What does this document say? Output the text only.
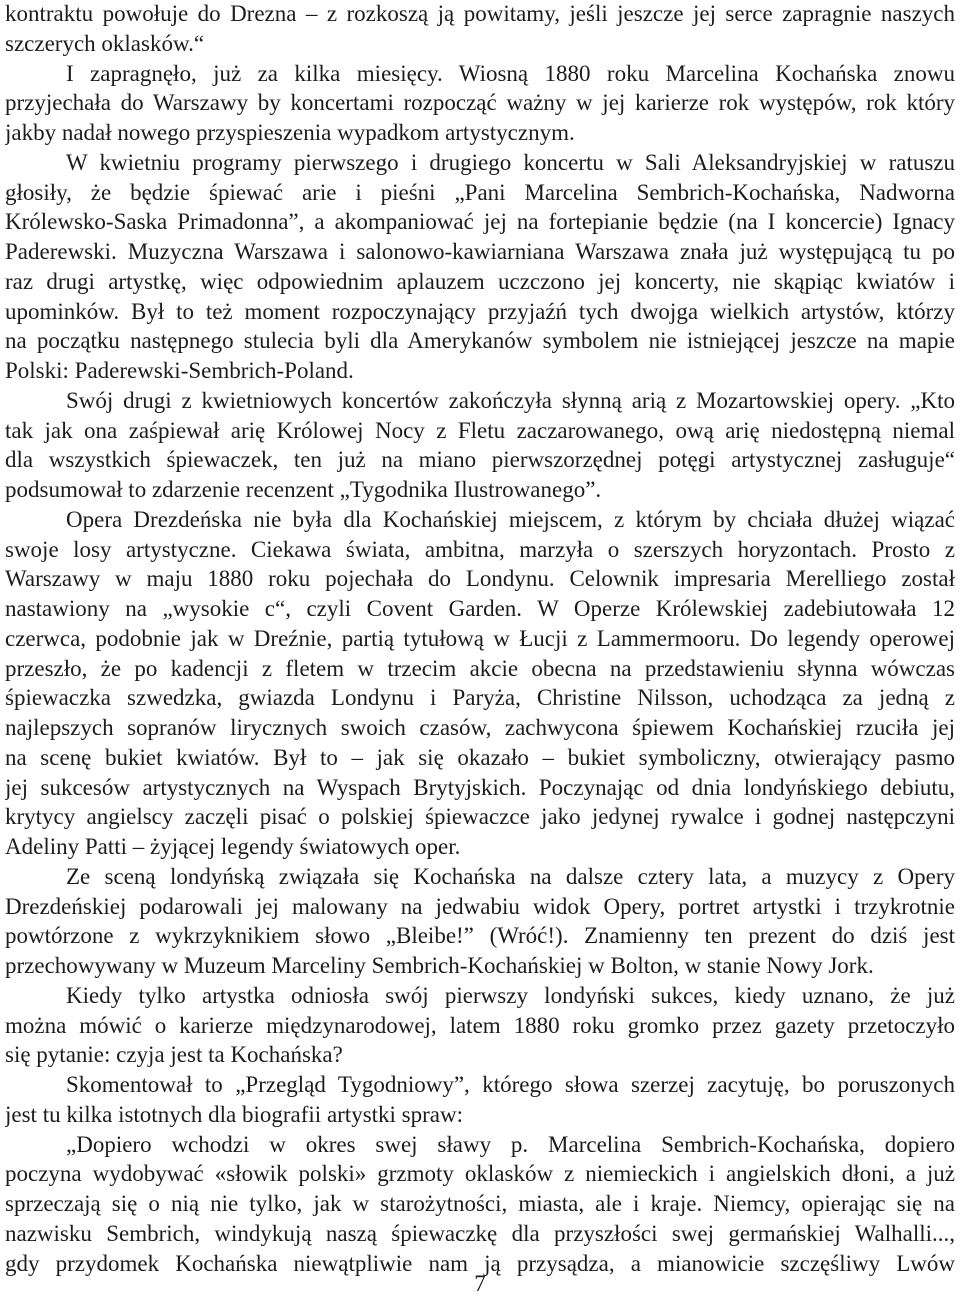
kontraktu powołuje do Drezna – z rozkoszą ją powitamy, jeśli jeszcze jej serce zapragnie naszych
szczerych oklasków.“
I zapragnęło, już za kilka miesięcy. Wiosną 1880 roku Marcelina Kochańska znowu
przyjechała do Warszawy by koncertami rozpocząć ważny w jej karierze rok występów, rok który
jakby nadał nowego przyspieszenia wypadkom artystycznym.
W kwietniu programy pierwszego i drugiego koncertu w Sali Aleksandryjskiej w ratuszu
głosiły, że będzie śpiewać arie i pieśni „Pani Marcelina Sembrich-Kochańska, Nadworna
Królewsko-Saska Primadonna”, a akompaniować jej na fortepianie będzie (na I koncercie) Ignacy
Paderewski. Muzyczna Warszawa i salonowo-kawiarniana Warszawa znała już występującą tu po
raz drugi artystkę, więc odpowiednim aplauzem uczczono jej koncerty, nie skąpiąc kwiatów i
upominków. Był to też moment rozpoczynający przyjaźń tych dwojga wielkich artystów, którzy
na początku następnego stulecia byli dla Amerykanów symbolem nie istniejącej jeszcze na mapie
Polski: Paderewski-Sembrich-Poland.
Swój drugi z kwietniowych koncertów zakończyła słynną arią z Mozartowskiej opery. „Kto
tak jak ona zaśpiewał arię Królowej Nocy z Fletu zaczarowanego, ową arię niedostępną niemal
dla wszystkich śpiewaczek, ten już na miano pierwszorzędnej potęgi artystycznej zasługuje“
podsumował to zdarzenie recenzent „Tygodnika Ilustrowanego”.
Opera Drezdeńska nie była dla Kochańskiej miejscem, z którym by chciała dłużej wiązać
swoje losy artystyczne. Ciekawa świata, ambitna, marzyła o szerszych horyzontach. Prosto z
Warszawy w maju 1880 roku pojechała do Londynu. Celownik impresaria Merelliego został
nastawiony na „wysokie c“, czyli Covent Garden. W Operze Królewskiej zadebiutowała 12
czerwca, podobnie jak w Dreźnie, partią tytułową w Łucji z Lammermooru. Do legendy operowej
przeszło, że po kadencji z fletem w trzecim akcie obecna na przedstawieniu słynna wówczas
śpiewaczka szwedzka, gwiazda Londynu i Paryża, Christine Nilsson, uchodząca za jedną z
najlepszych sopranów lirycznych swoich czasów, zachwycona śpiewem Kochańskiej rzuciła jej
na scenę bukiet kwiatów. Był to – jak się okazało – bukiet symboliczny, otwierający pasmo
jej sukcesów artystycznych na Wyspach Brytyjskich. Poczynając od dnia londyńskiego debiutu,
krytycy angielscy zaczęli pisać o polskiej śpiewaczce jako jedynej rywalce i godnej następczyni
Adeliny Patti – żyjącej legendy światowych oper.
Ze sceną londyńską związała się Kochańska na dalsze cztery lata, a muzycy z Opery
Drezdeńskiej podarowali jej malowany na jedwabiu widok Opery, portret artystki i trzykrotnie
powtórzone z wykrzyknikiem słowo „Bleibe!” (Wróć!). Znamienny ten prezent do dziś jest
przechowywany w Muzeum Marceliny Sembrich-Kochańskiej w Bolton, w stanie Nowy Jork.
Kiedy tylko artystka odniosła swój pierwszy londyński sukces, kiedy uznano, że już
można mówić o karierze międzynarodowej, latem 1880 roku gromko przez gazety przetoczyło
się pytanie: czyja jest ta Kochańska?
Skomentował to „Przegląd Tygodniowy”, którego słowa szerzej zacytuję, bo poruszonych
jest tu kilka istotnych dla biografii artystki spraw:
„Dopiero wchodzi w okres swej sławy p. Marcelina Sembrich-Kochańska, dopiero
poczyna wydobywać «słowik polski» grzmoty oklasków z niemieckich i angielskich dłoni, a już
sprzeczają się o nią nie tylko, jak w starożytności, miasta, ale i kraje. Niemcy, opierając się na
nazwisku Sembrich, windykują naszą śpiewaczkę dla przyszłości swej germańskiej Walhalli...,
gdy przydomek Kochańska niewątpliwie nam ją przysądza, a mianowicie szczęśliwy Lwów
7
